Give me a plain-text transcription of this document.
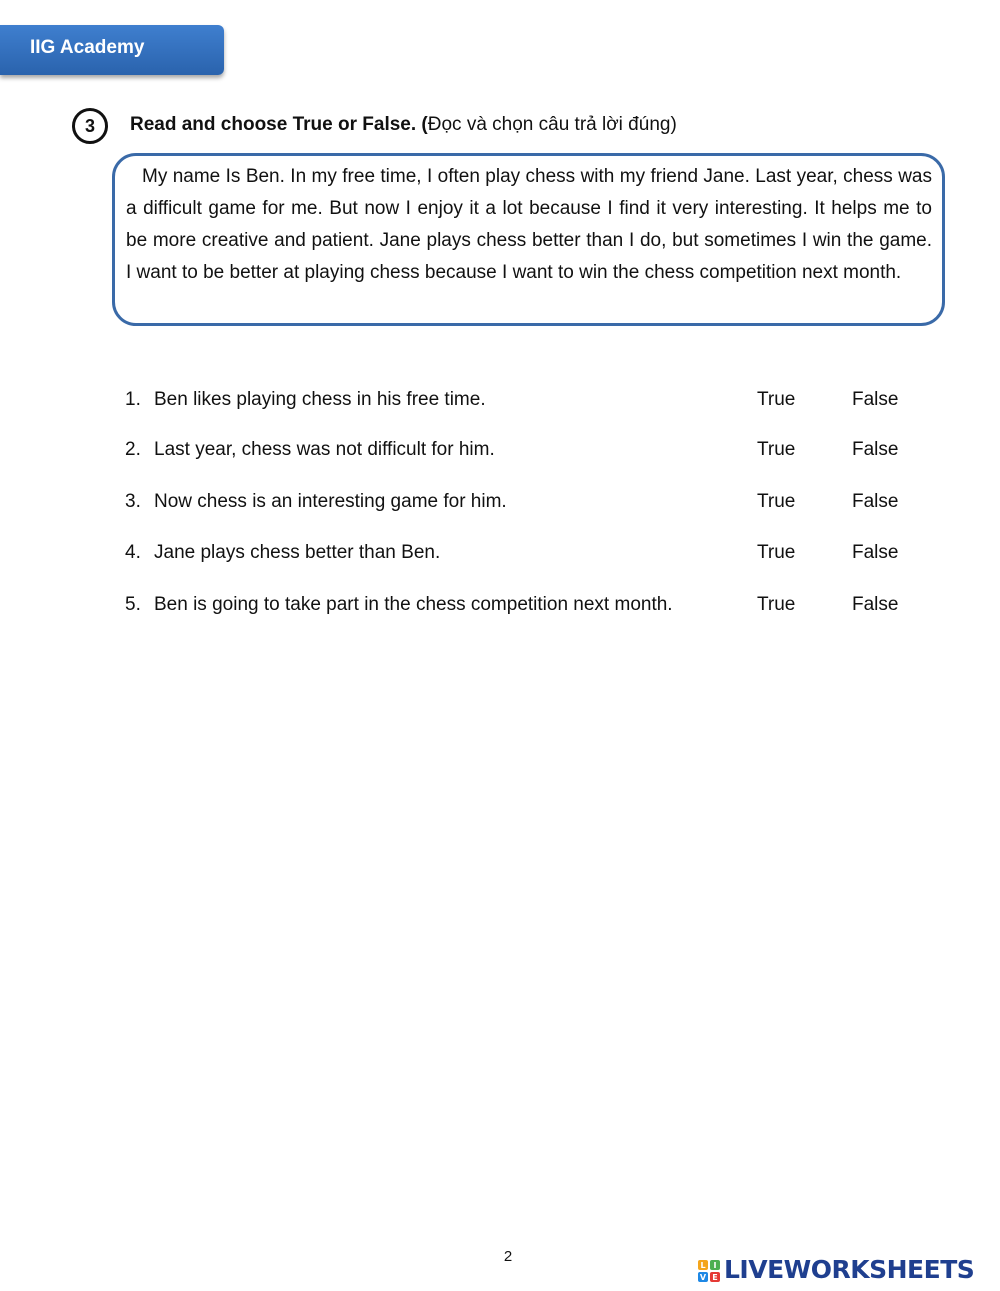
IIG Academy
3	Read and choose True or False. (Đọc và chọn câu trả lời đúng)

My name Is Ben. In my free time, I often play chess with my friend Jane. Last year, chess was a difficult game for me. But now I enjoy it a lot because I find it very interesting. It helps me to be more creative and patient. Jane plays chess better than I do, but sometimes I win the game. I want to be better at playing chess because I want to win the chess competition next month.

1. Ben likes playing chess in his free time.	True	False
2. Last year, chess was not difficult for him.	True	False
3. Now chess is an interesting game for him.	True	False
4. Jane plays chess better than Ben.	True	False
5. Ben is going to take part in the chess competition next month.	True	False
2
L I
V E LIVEWORKSHEETS
